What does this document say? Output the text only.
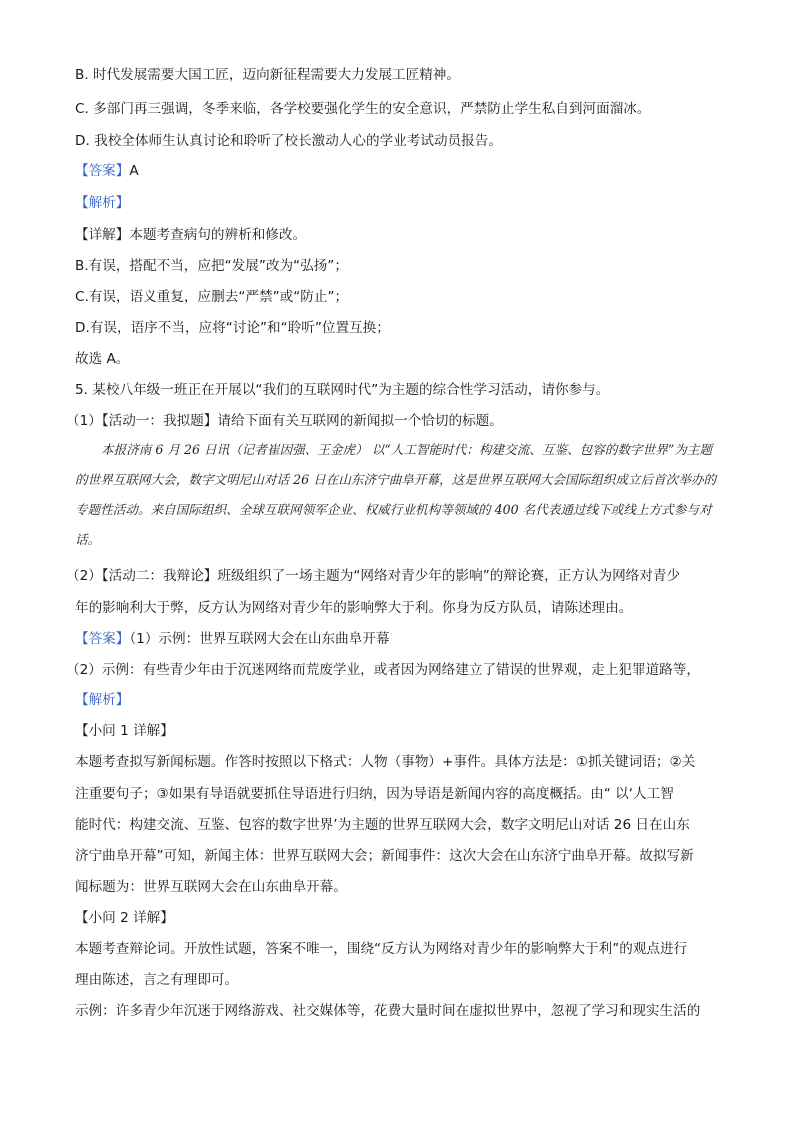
B. 时代发展需要大国工匠，迈向新征程需要大力发展工匠精神。
C. 多部门再三强调，冬季来临，各学校要强化学生的安全意识，严禁防止学生私自到河面溜冰。
D. 我校全体师生认真讨论和聆听了校长激动人心的学业考试动员报告。
【答案】A
【解析】
【详解】本题考查病句的辨析和修改。
B.有误，搭配不当，应把“发展”改为“弘扬”；
C.有误，语义重复，应删去“严禁”或“防止”；
D.有误，语序不当，应将“讨论”和“聆听”位置互换；
故选 A。
5. 某校八年级一班正在开展以“我们的互联网时代”为主题的综合性学习活动，请你参与。
（1）【活动一：我拟题】请给下面有关互联网的新闻拟一个恰切的标题。
本报济南 6 月 26 日讯（记者崔因强、王金虎） 以“人工智能时代：构建交流、互鉴、包容的数字世界”为主题的世界互联网大会，数字文明尼山对话 26 日在山东济宁曲阜开幕，这是世界互联网大会国际组织成立后首次举办的专题性活动。来自国际组织、全球互联网领军企业、权威行业机构等领域的 400 名代表通过线下或线上方式参与对话。
（2）【活动二：我辩论】班级组织了一场主题为“网络对青少年的影响”的辩论赛，正方认为网络对青少
年的影响利大于弊，反方认为网络对青少年的影响弊大于利。你身为反方队员，请陈述理由。
【答案】（1）示例：世界互联网大会在山东曲阜开幕
（2）示例：有些青少年由于沉迷网络而荒废学业，或者因为网络建立了错误的世界观，走上犯罪道路等，
【解析】
【小问 1 详解】
本题考查拟写新闻标题。作答时按照以下格式：人物（事物）+事件。具体方法是：①抓关键词语；②关
注重要句子；③如果有导语就要抓住导语进行归纳，因为导语是新闻内容的高度概括。由“ 以‘人工智
能时代：构建交流、互鉴、包容的数字世界’为主题的世界互联网大会，数字文明尼山对话 26 日在山东
济宁曲阜开幕”可知，新闻主体：世界互联网大会；新闻事件：这次大会在山东济宁曲阜开幕。故拟写新
闻标题为：世界互联网大会在山东曲阜开幕。
【小问 2 详解】
本题考查辩论词。开放性试题，答案不唯一，围绕“反方认为网络对青少年的影响弊大于利”的观点进行
理由陈述，言之有理即可。
示例：许多青少年沉迷于网络游戏、社交媒体等，花费大量时间在虚拟世界中，忽视了学习和现实生活的
